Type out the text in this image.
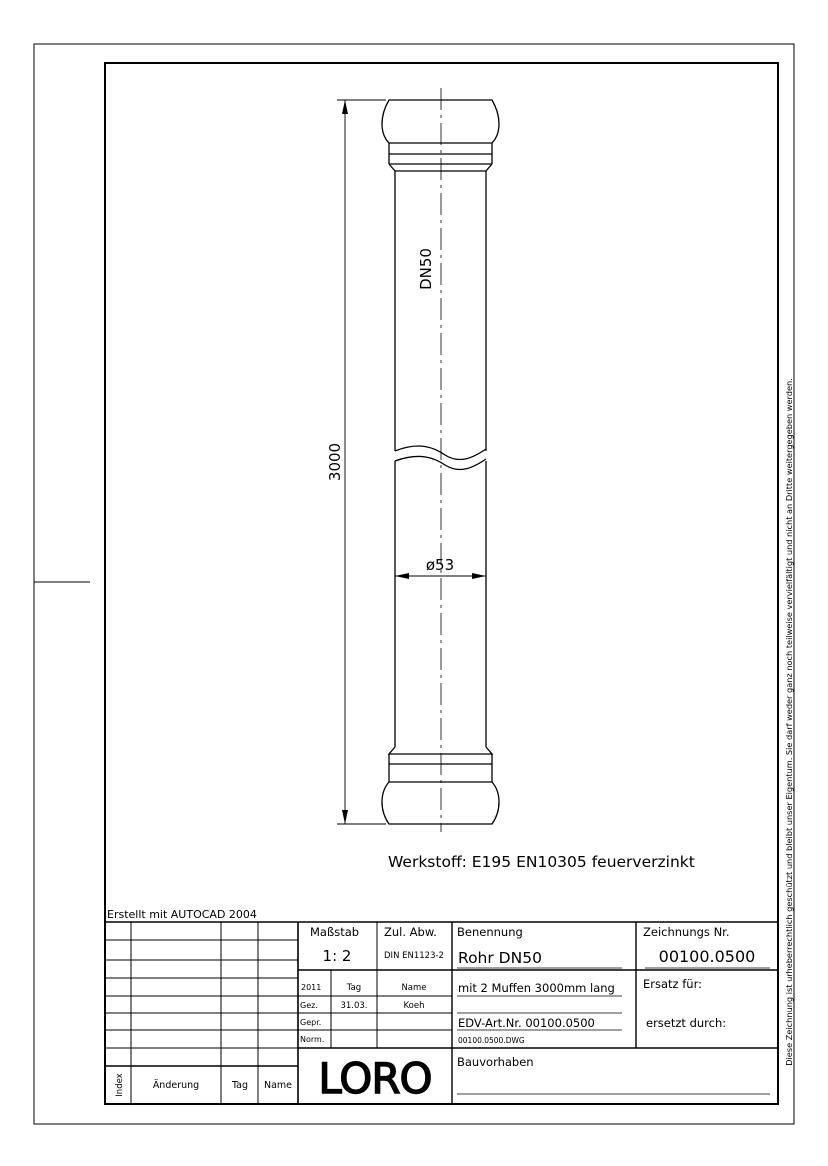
3000
ø53
DN50
Werkstoff: E195 EN10305 feuerverzinkt	Diese Zeichnung ist urheberrechtlich geschützt und bleibt unser Eigentum. Sie darf weder ganz noch teilweise vervielfältigt und nicht an Dritte weitergegeben werden.
Erstellt mit AUTOCAD 2004
Maßstab
1: 2
Zul. Abw.
DIN EN1123-2
Benennung
Rohr DN50
mit 2 Muffen 3000mm lang
EDV-Art.Nr. 00100.0500
00100.0500.DWG
Bauvorhaben
Zeichnungs Nr.
00100.0500
Ersatz für:
ersetzt durch:
2011	Tag	Name
Gez.	31.03.	Koeh
Gepr.
Norm.
LORO
Index	Änderung	Tag Name
